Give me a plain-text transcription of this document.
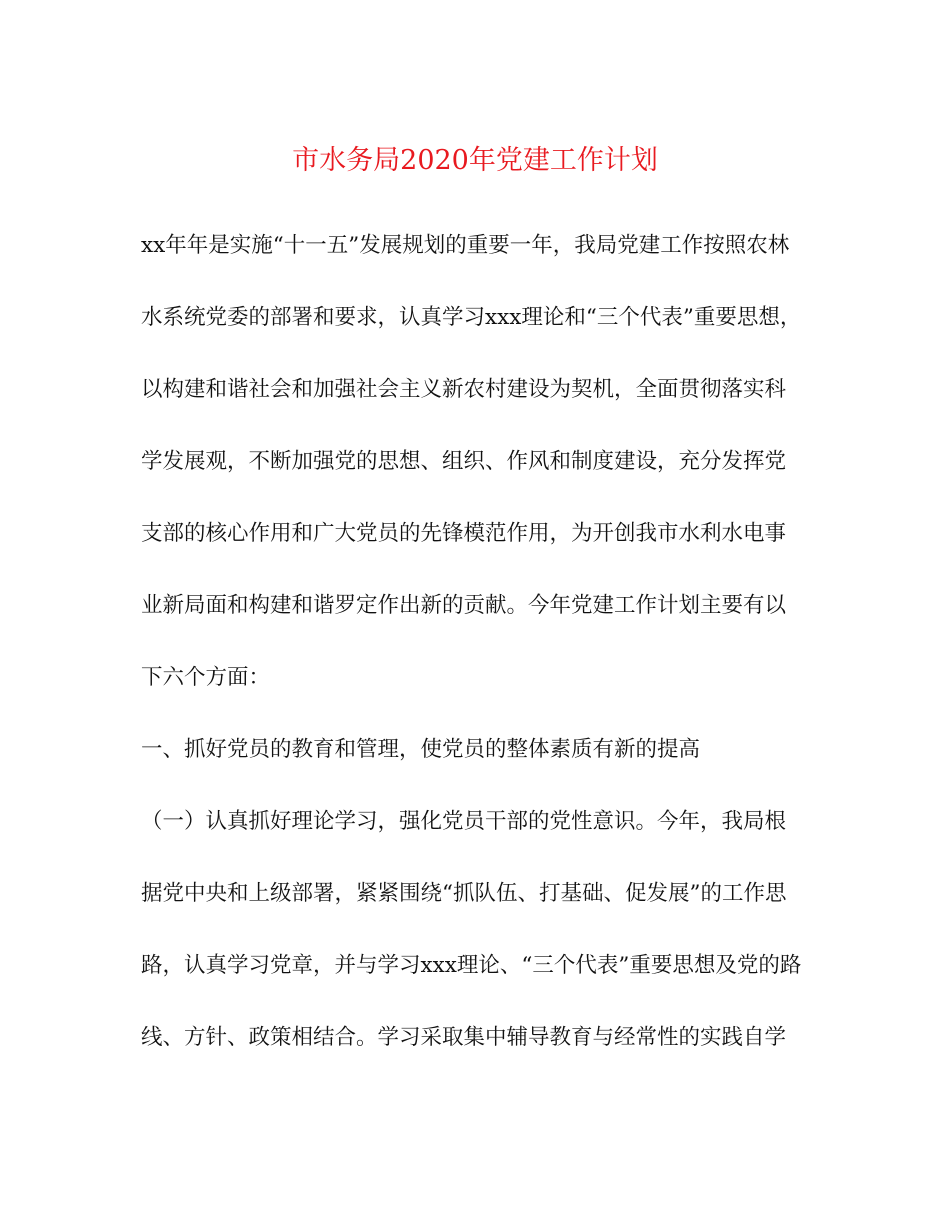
市水务局2020年党建工作计划
xx年年是实施“十一五”发展规划的重要一年，我局党建工作按照农林
水系统党委的部署和要求，认真学习xxx理论和“三个代表”重要思想，
以构建和谐社会和加强社会主义新农村建设为契机，全面贯彻落实科
学发展观，不断加强党的思想、组织、作风和制度建设，充分发挥党
支部的核心作用和广大党员的先锋模范作用，为开创我市水利水电事
业新局面和构建和谐罗定作出新的贡献。今年党建工作计划主要有以
下六个方面：
一、抓好党员的教育和管理，使党员的整体素质有新的提高
（一）认真抓好理论学习，强化党员干部的党性意识。今年，我局根
据党中央和上级部署，紧紧围绕“抓队伍、打基础、促发展”的工作思
路，认真学习党章，并与学习xxx理论、“三个代表”重要思想及党的路
线、方针、政策相结合。学习采取集中辅导教育与经常性的实践自学
